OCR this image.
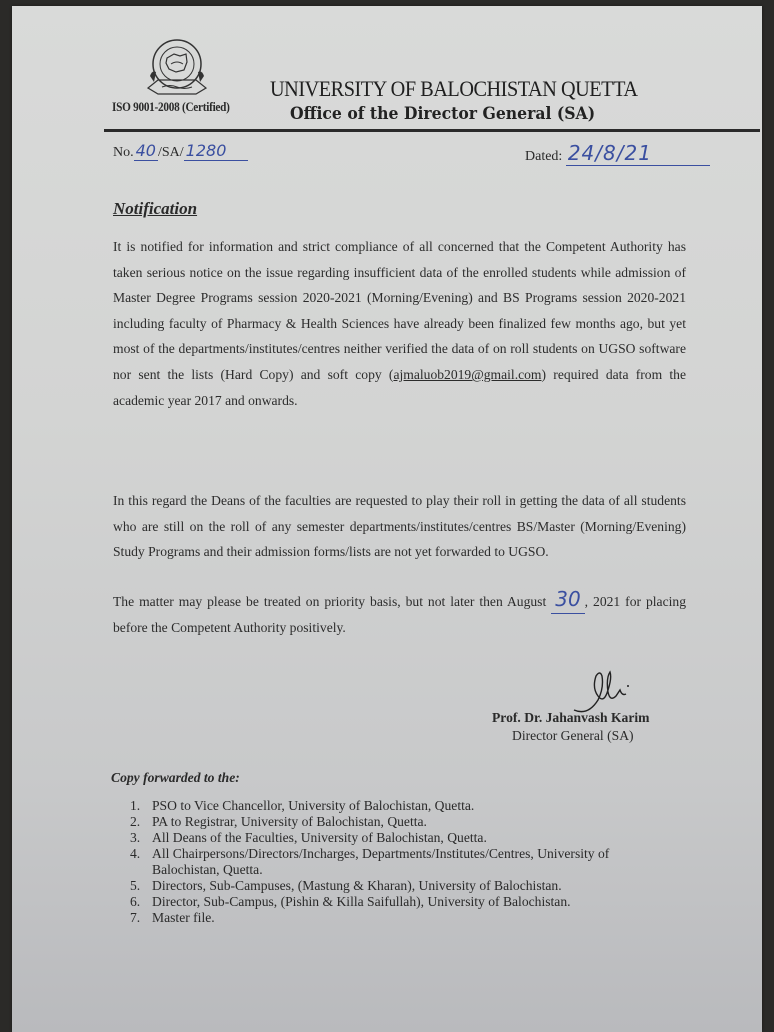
ISO 9001-2008 (Certified)
UNIVERSITY OF BALOCHISTAN QUETTA
Office of the Director General (SA)
No. 40 /SA/ 1280	Dated: 24/8/21
Notification
It is notified for information and strict compliance of all concerned that the Competent Authority has taken serious notice on the issue regarding insufficient data of the enrolled students while admission of Master Degree Programs session 2020-2021 (Morning/Evening) and BS Programs session 2020-2021 including faculty of Pharmacy & Health Sciences have already been finalized few months ago, but yet most of the departments/institutes/centres neither verified the data of on roll students on UGSO software nor sent the lists (Hard Copy) and soft copy (ajmaluob2019@gmail.com) required data from the academic year 2017 and onwards.
In this regard the Deans of the faculties are requested to play their roll in getting the data of all students who are still on the roll of any semester departments/institutes/centres BS/Master (Morning/Evening) Study Programs and their admission forms/lists are not yet forwarded to UGSO.
The matter may please be treated on priority basis, but not later then August 30 , 2021 for placing before the Competent Authority positively.
Prof. Dr. Jahanvash Karim
Director General (SA)
Copy forwarded to the:
1. PSO to Vice Chancellor, University of Balochistan, Quetta.
2. PA to Registrar, University of Balochistan, Quetta.
3. All Deans of the Faculties, University of Balochistan, Quetta.
4. All Chairpersons/Directors/Incharges, Departments/Institutes/Centres, University of Balochistan, Quetta.
5. Directors, Sub-Campuses, (Mastung & Kharan), University of Balochistan.
6. Director, Sub-Campus, (Pishin & Killa Saifullah), University of Balochistan.
7. Master file.
